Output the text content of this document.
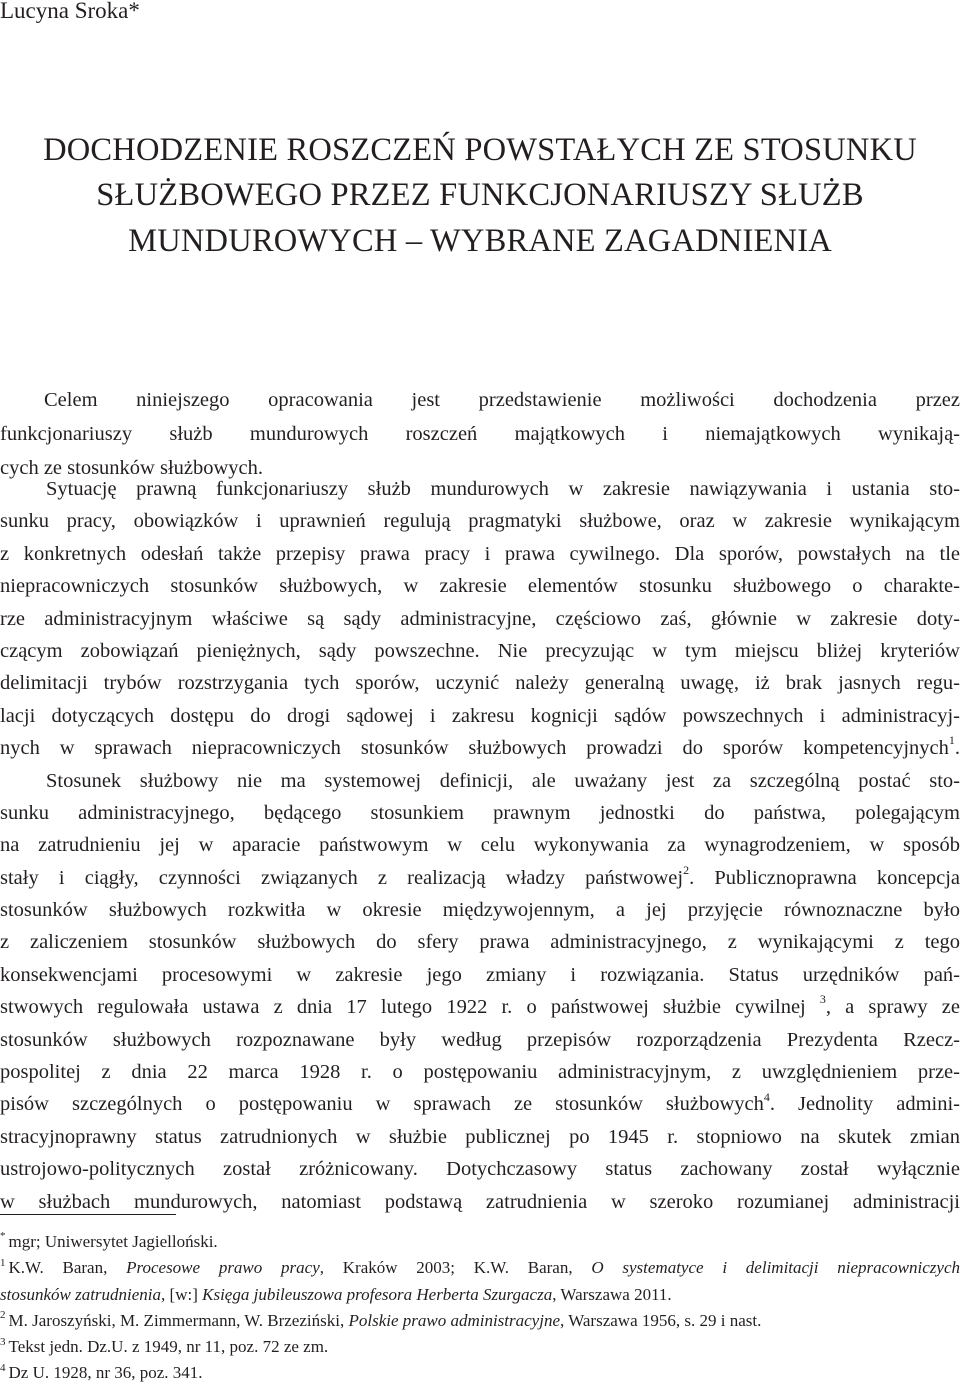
Lucyna Sroka*
DOCHODZENIE ROSZCZEŃ POWSTAŁYCH ZE STOSUNKU
SŁUŻBOWEGO PRZEZ FUNKCJONARIUSZY SŁUŻB
MUNDUROWYCH – WYBRANE ZAGADNIENIA
Celem niniejszego opracowania jest przedstawienie możliwości dochodzenia przez
funkcjonariuszy służb mundurowych roszczeń majątkowych i niemajątkowych wynikają-
cych ze stosunków służbowych.
Sytuację prawną funkcjonariuszy służb mundurowych w zakresie nawiązywania i ustania sto-
sunku pracy, obowiązków i uprawnień regulują pragmatyki służbowe, oraz w zakresie wynikającym
z konkretnych odesłań także przepisy prawa pracy i prawa cywilnego. Dla sporów, powstałych na tle
niepracowniczych stosunków służbowych, w zakresie elementów stosunku służbowego o charakte-
rze administracyjnym właściwe są sądy administracyjne, częściowo zaś, głównie w zakresie doty-
czącym zobowiązań pieniężnych, sądy powszechne. Nie precyzując w tym miejscu bliżej kryteriów
delimitacji trybów rozstrzygania tych sporów, uczynić należy generalną uwagę, iż brak jasnych regu-
lacji dotyczących dostępu do drogi sądowej i zakresu kognicji sądów powszechnych i administracyj-
nych w sprawach niepracowniczych stosunków służbowych prowadzi do sporów kompetencyjnych$^1$.
Stosunek służbowy nie ma systemowej definicji, ale uważany jest za szczególną postać sto-
sunku administracyjnego, będącego stosunkiem prawnym jednostki do państwa, polegającym
na zatrudnieniu jej w aparacie państwowym w celu wykonywania za wynagrodzeniem, w sposób
stały i ciągły, czynności związanych z realizacją władzy państwowej$^2$. Publicznoprawna koncepcja
stosunków służbowych rozkwitła w okresie międzywojennym, a jej przyjęcie równoznaczne było
z zaliczeniem stosunków służbowych do sfery prawa administracyjnego, z wynikającymi z tego
konsekwencjami procesowymi w zakresie jego zmiany i rozwiązania. Status urzędników pań-
stwowych regulowała ustawa z dnia 17 lutego 1922 r. o państwowej służbie cywilnej $^3$, a sprawy ze
stosunków służbowych rozpoznawane były według przepisów rozporządzenia Prezydenta Rzecz-
pospolitej z dnia 22 marca 1928 r. o postępowaniu administracyjnym, z uwzględnieniem prze-
pisów szczególnych o postępowaniu w sprawach ze stosunków służbowych$^4$. Jednolity admini-
stracyjnoprawny status zatrudnionych w służbie publicznej po 1945 r. stopniowo na skutek zmian
ustrojowo-politycznych został zróżnicowany. Dotychczasowy status zachowany został wyłącznie
w służbach mundurowych, natomiast podstawą zatrudnienia w szeroko rozumianej administracji
* mgr; Uniwersytet Jagielloński.
$^1$ K.W. Baran, Procesowe prawo pracy, Kraków 2003; K.W. Baran, O systematyce i delimitacji niepracowniczych
stosunków zatrudnienia, [w:] Księga jubileuszowa profesora Herberta Szurgacza, Warszawa 2011.
$^2$ M. Jaroszyński, M. Zimmermann, W. Brzeziński, Polskie prawo administracyjne, Warszawa 1956, s. 29 i nast.
$^3$ Tekst jedn. Dz.U. z 1949, nr 11, poz. 72 ze zm.
$^4$ Dz U. 1928, nr 36, poz. 341.
